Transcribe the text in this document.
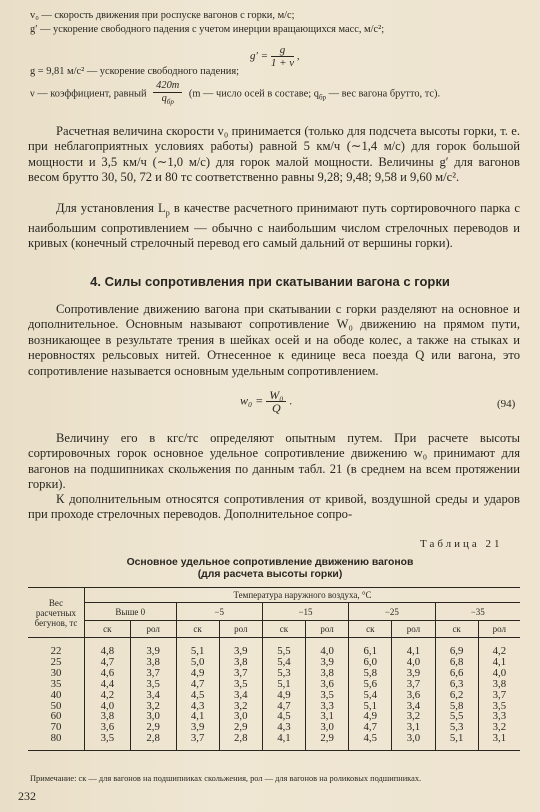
v₀ — скорость движения при роспуске вагонов с горки, м/с;
g′ — ускорение свободного падения с учетом инерции вращающихся масс, м/с²;
g = 9,81 м/с² — ускорение свободного падения;
ν — коэффициент, равный $\frac{420m}{q_{бр}} (m$ — число осей в составе; $q_{бр}$ — вес вагона брутто, тс).
$g' = \frac{g}{1 + \nu}$ ,
Расчетная величина скорости v₀ принимается (только для подсчета высоты горки, т. е. при неблагоприятных условиях работы) равной 5 км/ч (∼1,4 м/с) для горок большой мощности и 3,5 км/ч (∼1,0 м/с) для горок малой мощности. Величины g′ для вагонов весом брутто 30, 50, 72 и 80 тс соответственно равны 9,28; 9,48; 9,58 и 9,60 м/с².
Для установления $L_р$ в качестве расчетного принимают путь сортировочного парка с наибольшим сопротивлением — обычно с наибольшим числом стрелочных переводов и кривых (конечный стрелочный перевод его самый дальний от вершины горки).
4. Силы сопротивления при скатывании вагона с горки
Сопротивление движению вагона при скатывании с горки разделяют на основное и дополнительное. Основным называют сопротивление W₀ движению на прямом пути, возникающее в результате трения в шейках осей и на ободе колес, а также на стыках и неровностях рельсовых нитей. Отнесенное к единице веса поезда Q или вагона, это сопротивление называется основным удельным сопротивлением.
$w_0 = \frac{\text{W₀}}{Q}$ .	(94)
Величину его в кгс/тс определяют опытным путем. При расчете высоты сортировочных горок основное удельное сопротивление движению w₀ принимают для вагонов на подшипниках скольжения по данным табл. 21 (в среднем на всем протяжении горки).
К дополнительным относятся сопротивления от кривой, воздушной среды и ударов при проходе стрелочных переводов. Дополнительное сопро-
Таблица 21
Основное удельное сопротивление движению вагонов
(для расчета высоты горки)
Вес расчетных бегунов, тс	Температура наружного воздуха, °C									
	Выше 0		−5		−15		−25		−35	
	ск	рол	ск	рол	ск	рол	ск	рол	ск	рол
22	4,8	3,9	5,1	3,9	5,5	4,0	6,1	4,1	6,9	4,2
25	4,7	3,8	5,0	3,8	5,4	3,9	6,0	4,0	6,8	4,1
30	4,6	3,7	4,9	3,7	5,3	3,8	5,8	3,9	6,6	4,0
35	4,4	3,5	4,7	3,5	5,1	3,6	5,6	3,7	6,3	3,8
40	4,2	3,4	4,5	3,4	4,9	3,5	5,4	3,6	6,2	3,7
50	4,0	3,2	4,3	3,2	4,7	3,3	5,1	3,4	5,8	3,5
60	3,8	3,0	4,1	3,0	4,5	3,1	4,9	3,2	5,5	3,3
70	3,6	2,9	3,9	2,9	4,3	3,0	4,7	3,1	5,3	3,2
80	3,5	2,8	3,7	2,8	4,1	2,9	4,5	3,0	5,1	3,1
Примечание: ск — для вагонов на подшипниках скольжения, рол — для вагонов на роликовых подшипниках.
232
